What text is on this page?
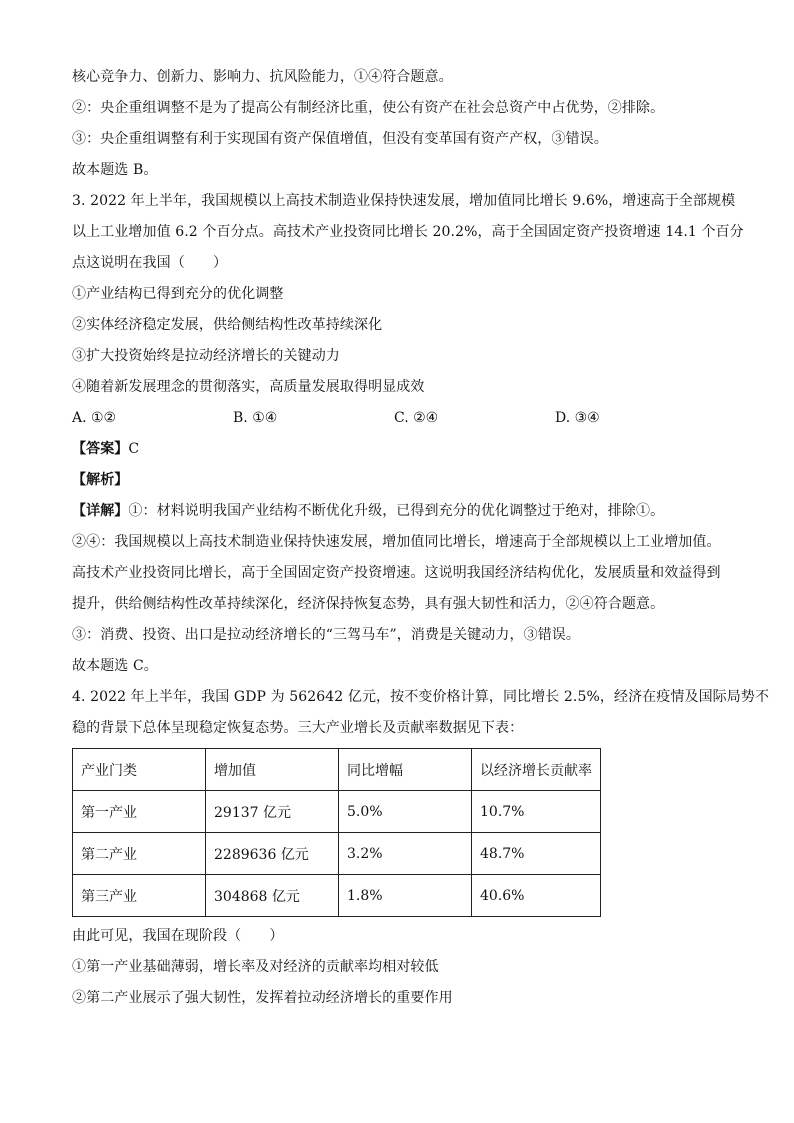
核心竞争力、创新力、影响力、抗风险能力，①④符合题意。
②：央企重组调整不是为了提高公有制经济比重，使公有资产在社会总资产中占优势，②排除。
③：央企重组调整有利于实现国有资产保值增值，但没有变革国有资产产权，③错误。
故本题选 B。
3. 2022 年上半年，我国规模以上高技术制造业保持快速发展，增加值同比增长 9.6%，增速高于全部规模
以上工业增加值 6.2 个百分点。高技术产业投资同比增长 20.2%，高于全国固定资产投资增速 14.1 个百分
点这说明在我国（　　）
①产业结构已得到充分的优化调整
②实体经济稳定发展，供给侧结构性改革持续深化
③扩大投资始终是拉动经济增长的关键动力
④随着新发展理念的贯彻落实，高质量发展取得明显成效
A. ①②	B. ①④	C. ②④	D. ③④
【答案】C
【解析】
【详解】①：材料说明我国产业结构不断优化升级，已得到充分的优化调整过于绝对，排除①。
②④：我国规模以上高技术制造业保持快速发展，增加值同比增长，增速高于全部规模以上工业增加值。
高技术产业投资同比增长，高于全国固定资产投资增速。这说明我国经济结构优化，发展质量和效益得到
提升，供给侧结构性改革持续深化，经济保持恢复态势，具有强大韧性和活力，②④符合题意。
③：消费、投资、出口是拉动经济增长的“三驾马车”，消费是关键动力，③错误。
故本题选 C。
4. 2022 年上半年，我国 GDP 为 562642 亿元，按不变价格计算，同比增长 2.5%，经济在疫情及国际局势不
稳的背景下总体呈现稳定恢复态势。三大产业增长及贡献率数据见下表：
产业门类	增加值	同比增幅	以经济增长贡献率
第一产业	29137 亿元	5.0%	10.7%
第二产业	2289636 亿元	3.2%	48.7%
第三产业	304868 亿元	1.8%	40.6%
由此可见，我国在现阶段（　　）
①第一产业基础薄弱，增长率及对经济的贡献率均相对较低
②第二产业展示了强大韧性，发挥着拉动经济增长的重要作用
